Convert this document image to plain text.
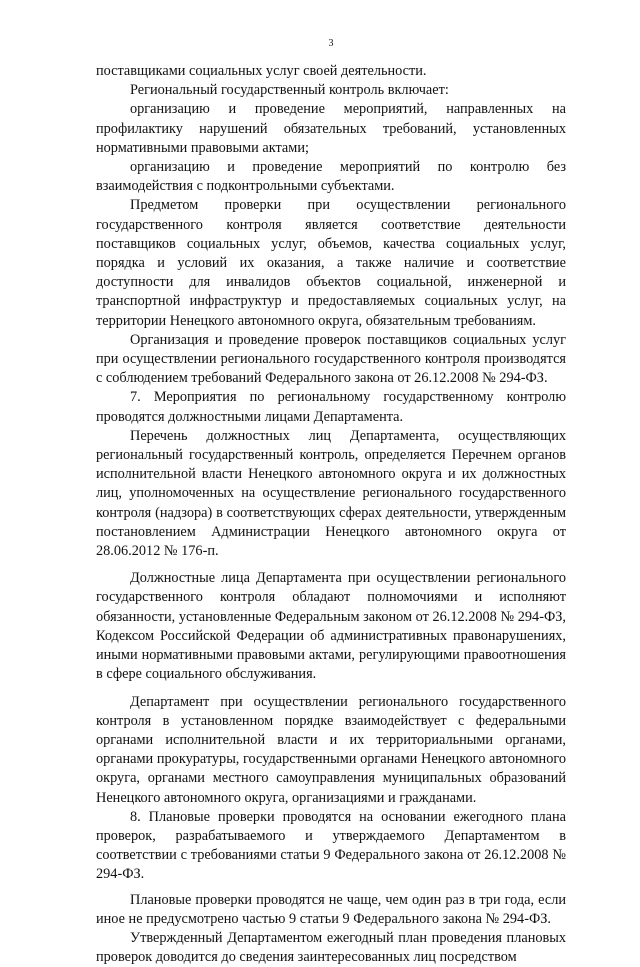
3

поставщиками социальных услуг своей деятельности.

Региональный государственный контроль включает:

организацию и проведение мероприятий, направленных на профилактику нарушений обязательных требований, установленных нормативными правовыми актами;

организацию и проведение мероприятий по контролю без взаимодействия с подконтрольными субъектами.

Предметом проверки при осуществлении регионального государственного контроля является соответствие деятельности поставщиков социальных услуг, объемов, качества социальных услуг, порядка и условий их оказания, а также наличие и соответствие доступности для инвалидов объектов социальной, инженерной и транспортной инфраструктур и предоставляемых социальных услуг, на территории Ненецкого автономного округа, обязательным требованиям.

Организация и проведение проверок поставщиков социальных услуг при осуществлении регионального государственного контроля производятся с соблюдением требований Федерального закона от 26.12.2008 № 294-ФЗ.

7. Мероприятия по региональному государственному контролю проводятся должностными лицами Департамента.

Перечень должностных лиц Департамента, осуществляющих региональный государственный контроль, определяется Перечнем органов исполнительной власти Ненецкого автономного округа и их должностных лиц, уполномоченных на осуществление регионального государственного контроля (надзора) в соответствующих сферах деятельности, утвержденным постановлением Администрации Ненецкого автономного округа от 28.06.2012 № 176-п.

Должностные лица Департамента при осуществлении регионального государственного контроля обладают полномочиями и исполняют обязанности, установленные Федеральным законом от 26.12.2008 № 294-ФЗ, Кодексом Российской Федерации об административных правонарушениях, иными нормативными правовыми актами, регулирующими правоотношения в сфере социального обслуживания.

Департамент при осуществлении регионального государственного контроля в установленном порядке взаимодействует с федеральными органами исполнительной власти и их территориальными органами, органами прокуратуры, государственными органами Ненецкого автономного округа, органами местного самоуправления муниципальных образований Ненецкого автономного округа, организациями и гражданами.

8. Плановые проверки проводятся на основании ежегодного плана проверок, разрабатываемого и утверждаемого Департаментом в соответствии с требованиями статьи 9 Федерального закона от 26.12.2008 № 294-ФЗ.

Плановые проверки проводятся не чаще, чем один раз в три года, если иное не предусмотрено частью 9 статьи 9 Федерального закона № 294-ФЗ.

Утвержденный Департаментом ежегодный план проведения плановых проверок доводится до сведения заинтересованных лиц посредством
